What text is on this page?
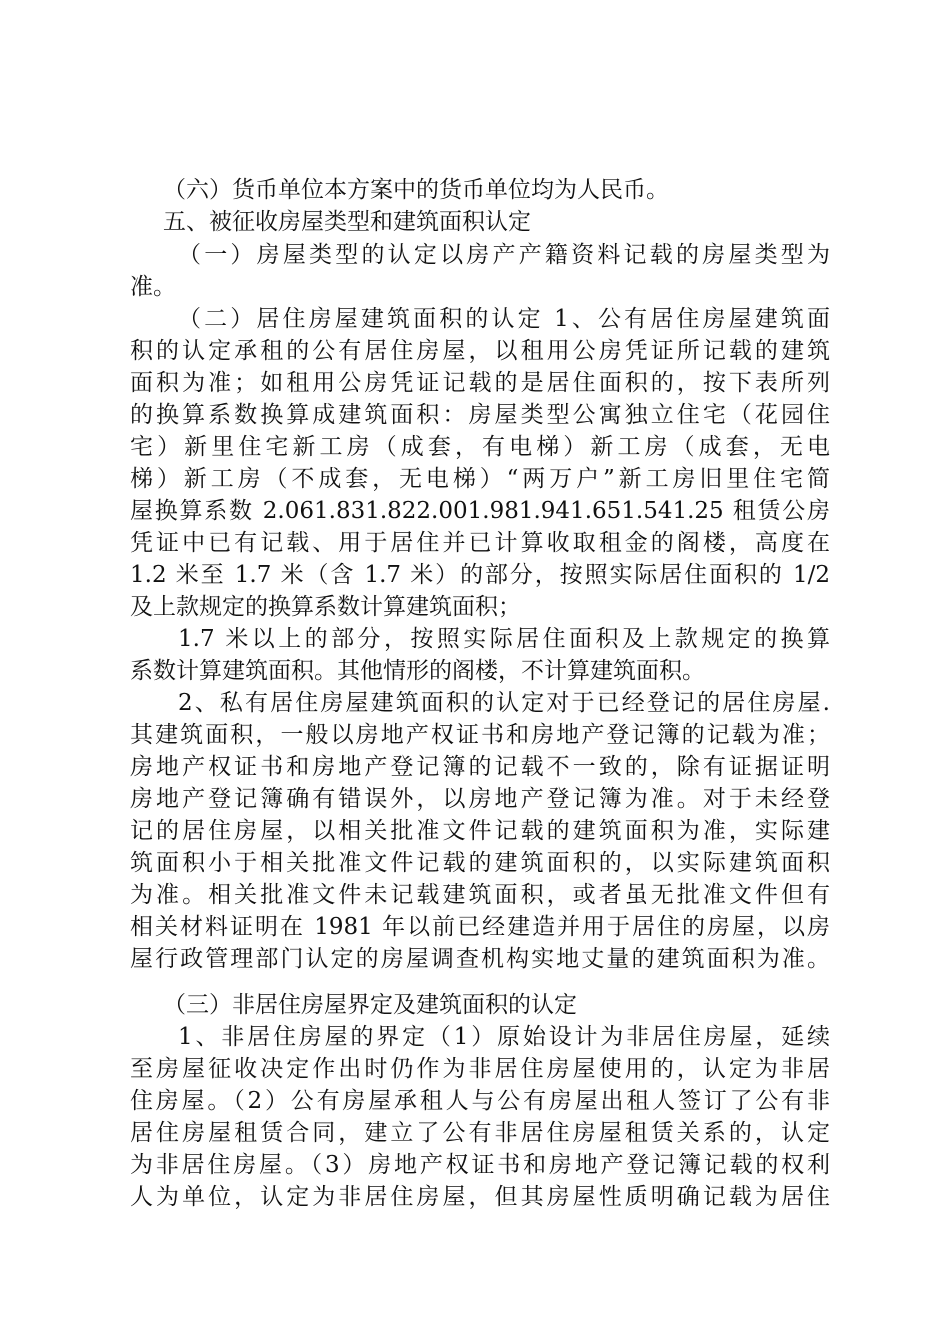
（六）货币单位本方案中的货币单位均为人民币。
五、被征收房屋类型和建筑面积认定
（一）房屋类型的认定以房产产籍资料记载的房屋类型为
准。
（二）居住房屋建筑面积的认定 1、公有居住房屋建筑面
积的认定承租的公有居住房屋，以租用公房凭证所记载的建筑
面积为准；如租用公房凭证记载的是居住面积的，按下表所列
的换算系数换算成建筑面积：房屋类型公寓独立住宅（花园住
宅）新里住宅新工房（成套，有电梯）新工房（成套，无电
梯）新工房（不成套，无电梯）“两万户”新工房旧里住宅简
屋换算系数 2.061.831.822.001.981.941.651.541.25 租赁公房
凭证中已有记载、用于居住并已计算收取租金的阁楼，高度在
1.2 米至 1.7 米（含 1.7 米）的部分，按照实际居住面积的 1/2
及上款规定的换算系数计算建筑面积；
1.7 米以上的部分，按照实际居住面积及上款规定的换算
系数计算建筑面积。其他情形的阁楼，不计算建筑面积。
2、私有居住房屋建筑面积的认定对于已经登记的居住房屋.
其建筑面积，一般以房地产权证书和房地产登记簿的记载为准；
房地产权证书和房地产登记簿的记载不一致的，除有证据证明
房地产登记簿确有错误外，以房地产登记簿为准。对于未经登
记的居住房屋，以相关批准文件记载的建筑面积为准，实际建
筑面积小于相关批准文件记载的建筑面积的，以实际建筑面积
为准。相关批准文件未记载建筑面积，或者虽无批准文件但有
相关材料证明在 1981 年以前已经建造并用于居住的房屋，以房
屋行政管理部门认定的房屋调查机构实地丈量的建筑面积为准。
（三）非居住房屋界定及建筑面积的认定
1、非居住房屋的界定（1）原始设计为非居住房屋，延续
至房屋征收决定作出时仍作为非居住房屋使用的，认定为非居
住房屋。（2）公有房屋承租人与公有房屋出租人签订了公有非
居住房屋租赁合同，建立了公有非居住房屋租赁关系的，认定
为非居住房屋。（3）房地产权证书和房地产登记簿记载的权利
人为单位，认定为非居住房屋，但其房屋性质明确记载为居住
